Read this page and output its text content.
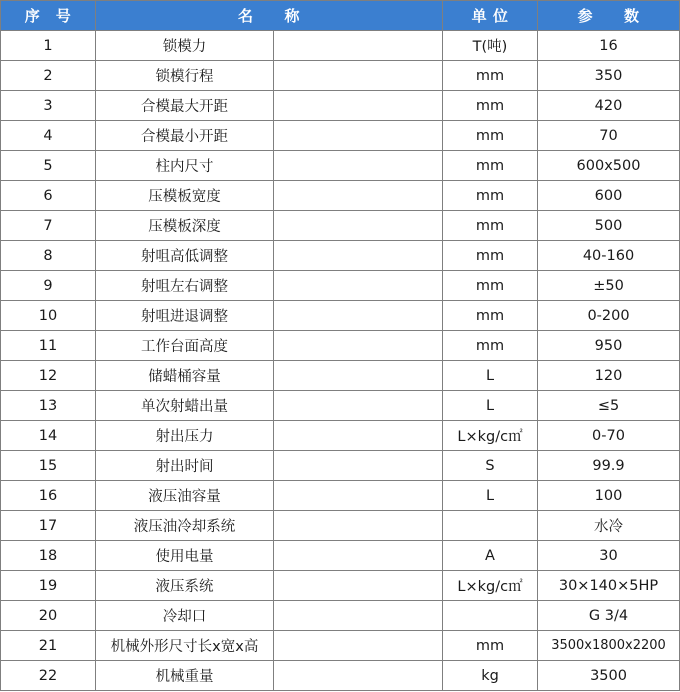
序　号	名　　称		单 位	参　　数
1	锁模力		T(吨)	16
2	锁模行程		mm	350
3	合模最大开距		mm	420
4	合模最小开距		mm	70
5	柱内尺寸		mm	600x500
6	压模板宽度		mm	600
7	压模板深度		mm	500
8	射咀高低调整		mm	40-160
9	射咀左右调整		mm	±50
10	射咀进退调整		mm	0-200
11	工作台面高度		mm	950
12	储蜡桶容量		L	120
13	单次射蜡出量		L	≤5
14	射出压力		L×kg/c㎡	0-70
15	射出时间		S	99.9
16	液压油容量		L	100
17	液压油冷却系统			水冷
18	使用电量		A	30
19	液压系统		L×kg/c㎡	30×140×5HP
20	冷却口			G 3/4
21	机械外形尺寸长x宽x高		mm	3500x1800x2200
22	机械重量		kg	3500
